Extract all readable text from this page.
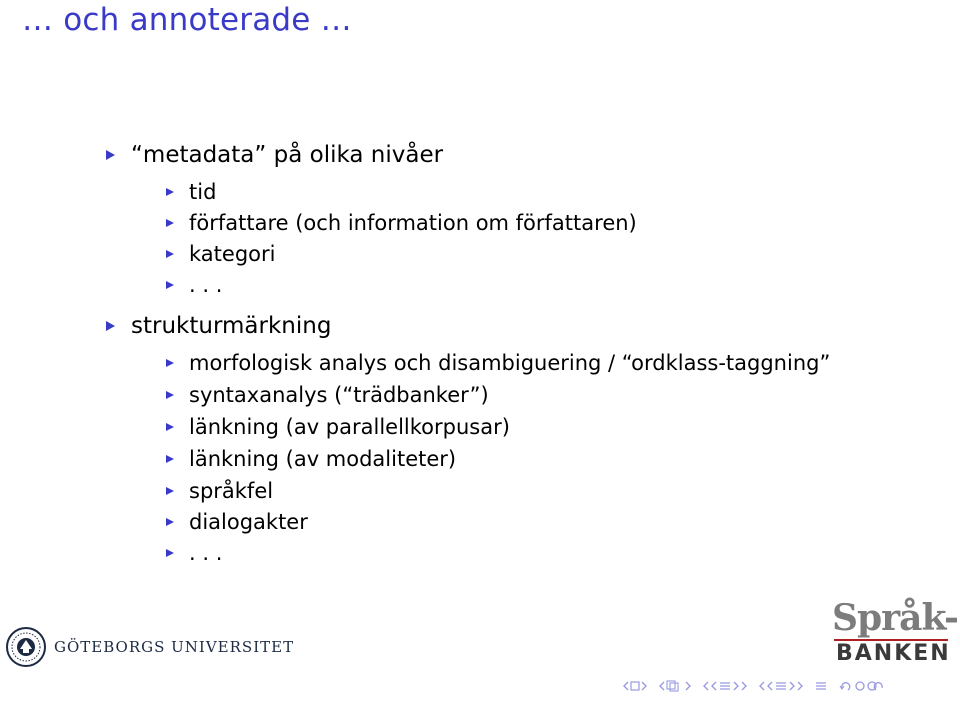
… och annoterade …
“metadata” på olika nivåer
tid
författare (och information om författaren)
kategori
. . .
strukturmärkning
morfologisk analys och disambiguering / “ordklass-taggning”
syntaxanalys (“trädbanker”)
länkning (av parallellkorpusar)
länkning (av modaliteter)
språkfel
dialogakter
. . .
GÖTEBORGS UNIVERSITET
Språk-
BANKEN
